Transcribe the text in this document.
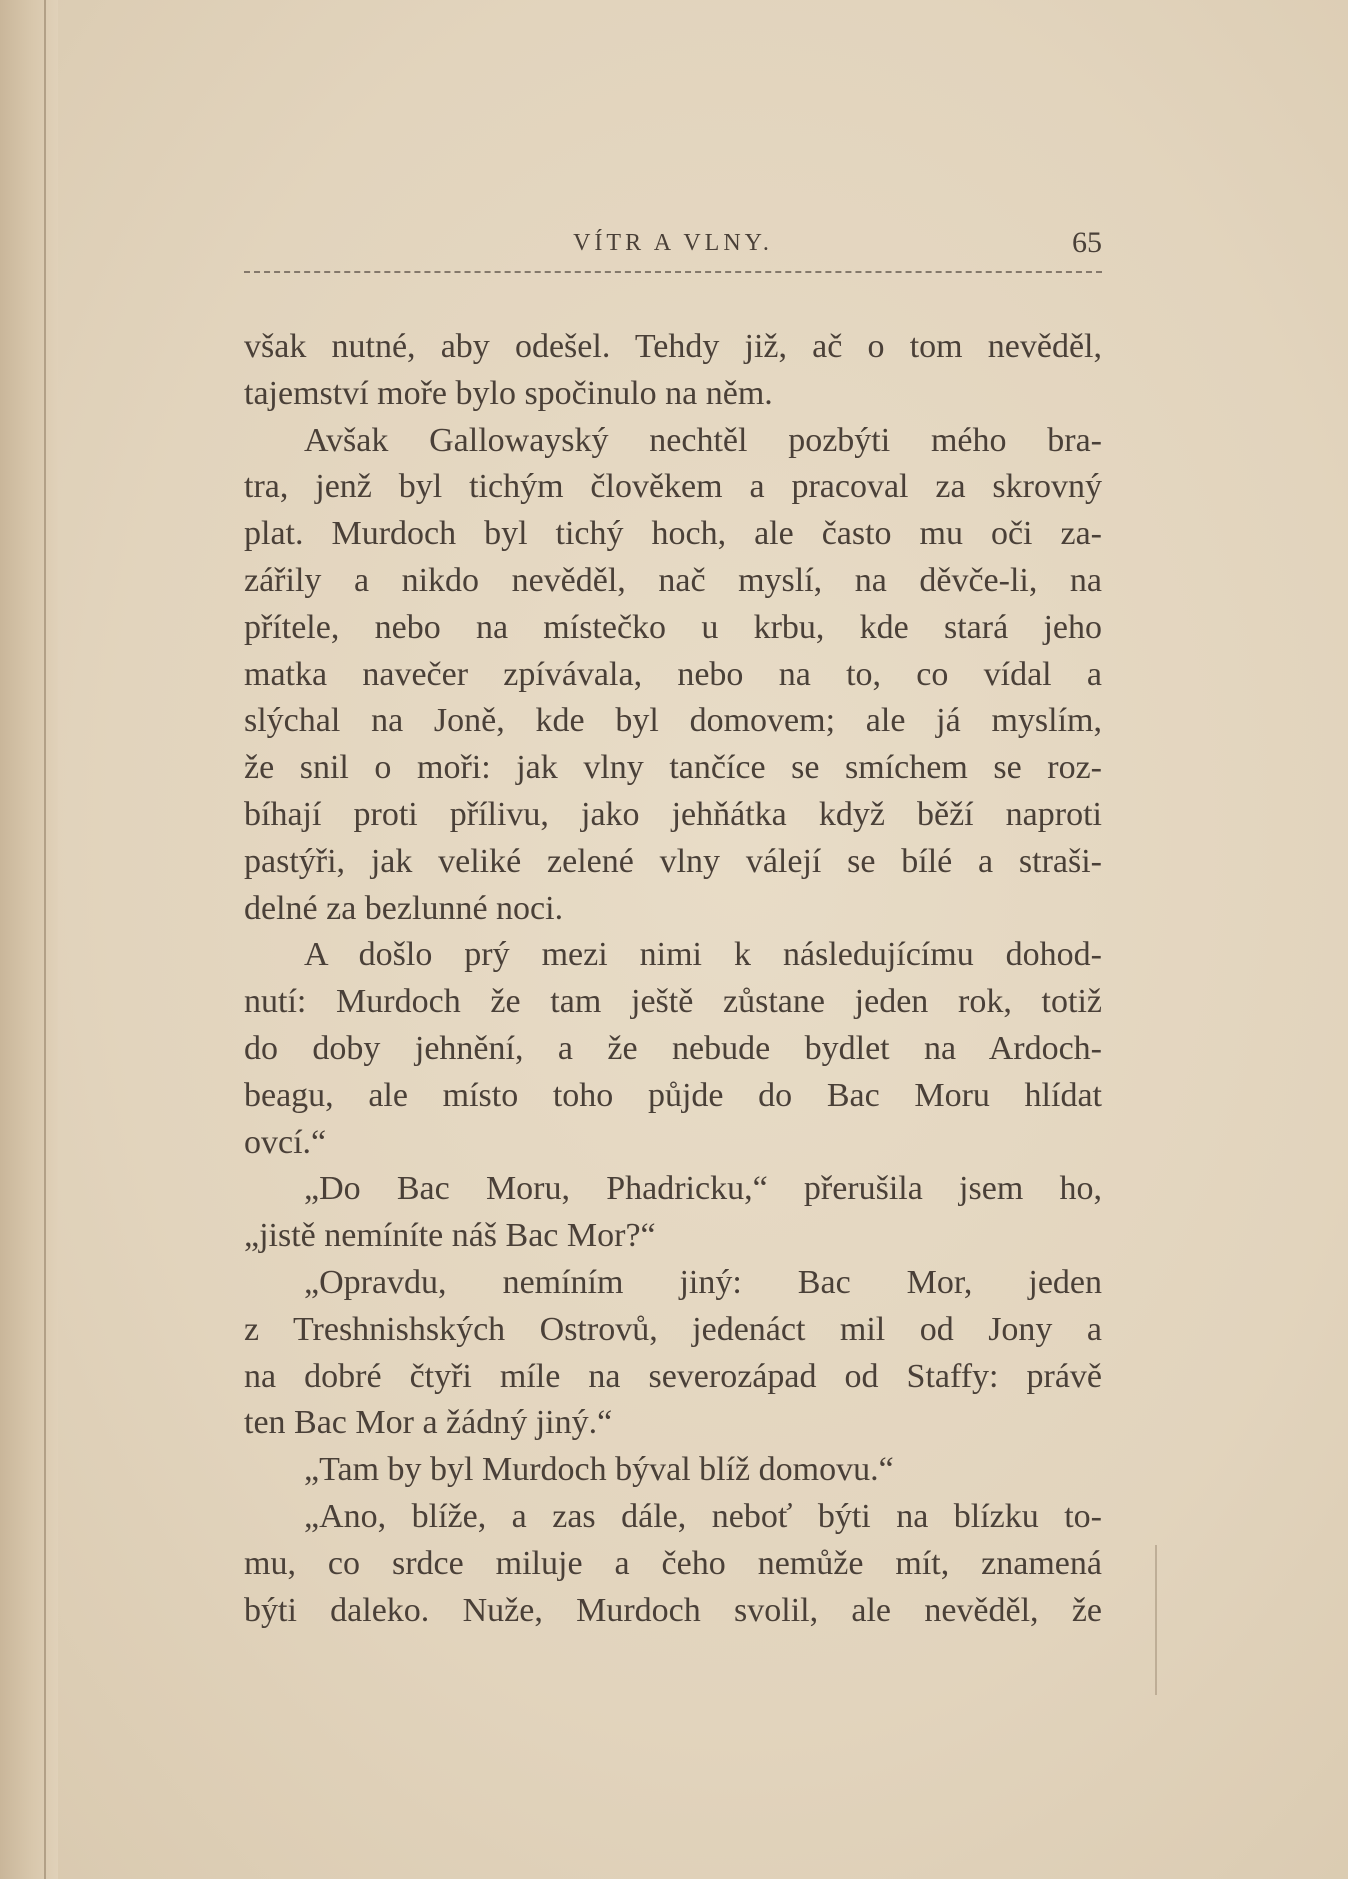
VÍTR A VLNY.	65
však nutné, aby odešel. Tehdy již, ač o tom nevěděl,
tajemství moře bylo spočinulo na něm.
Avšak Gallowayský nechtěl pozbýti mého bra-
tra, jenž byl tichým člověkem a pracoval za skrovný
plat. Murdoch byl tichý hoch, ale často mu oči za-
zářily a nikdo nevěděl, nač myslí, na děvče-li, na
přítele, nebo na místečko u krbu, kde stará jeho
matka navečer zpívávala, nebo na to, co vídal a
slýchal na Joně, kde byl domovem; ale já myslím,
že snil o moři: jak vlny tančíce se smíchem se roz-
bíhají proti přílivu, jako jehňátka když běží naproti
pastýři, jak veliké zelené vlny válejí se bílé a straši-
delné za bezlunné noci.
A došlo prý mezi nimi k následujícímu dohod-
nutí: Murdoch že tam ještě zůstane jeden rok, totiž
do doby jehnění, a že nebude bydlet na Ardoch-
beagu, ale místo toho půjde do Bac Moru hlídat
ovcí.“
„Do Bac Moru, Phadricku,“ přerušila jsem ho,
„jistě nemíníte náš Bac Mor?“
„Opravdu, nemíním jiný: Bac Mor, jeden
z Treshnishských Ostrovů, jedenáct mil od Jony a
na dobré čtyři míle na severozápad od Staffy: právě
ten Bac Mor a žádný jiný.“
„Tam by byl Murdoch býval blíž domovu.“
„Ano, blíže, a zas dále, neboť býti na blízku to-
mu, co srdce miluje a čeho nemůže mít, znamená
býti daleko. Nuže, Murdoch svolil, ale nevěděl, že
